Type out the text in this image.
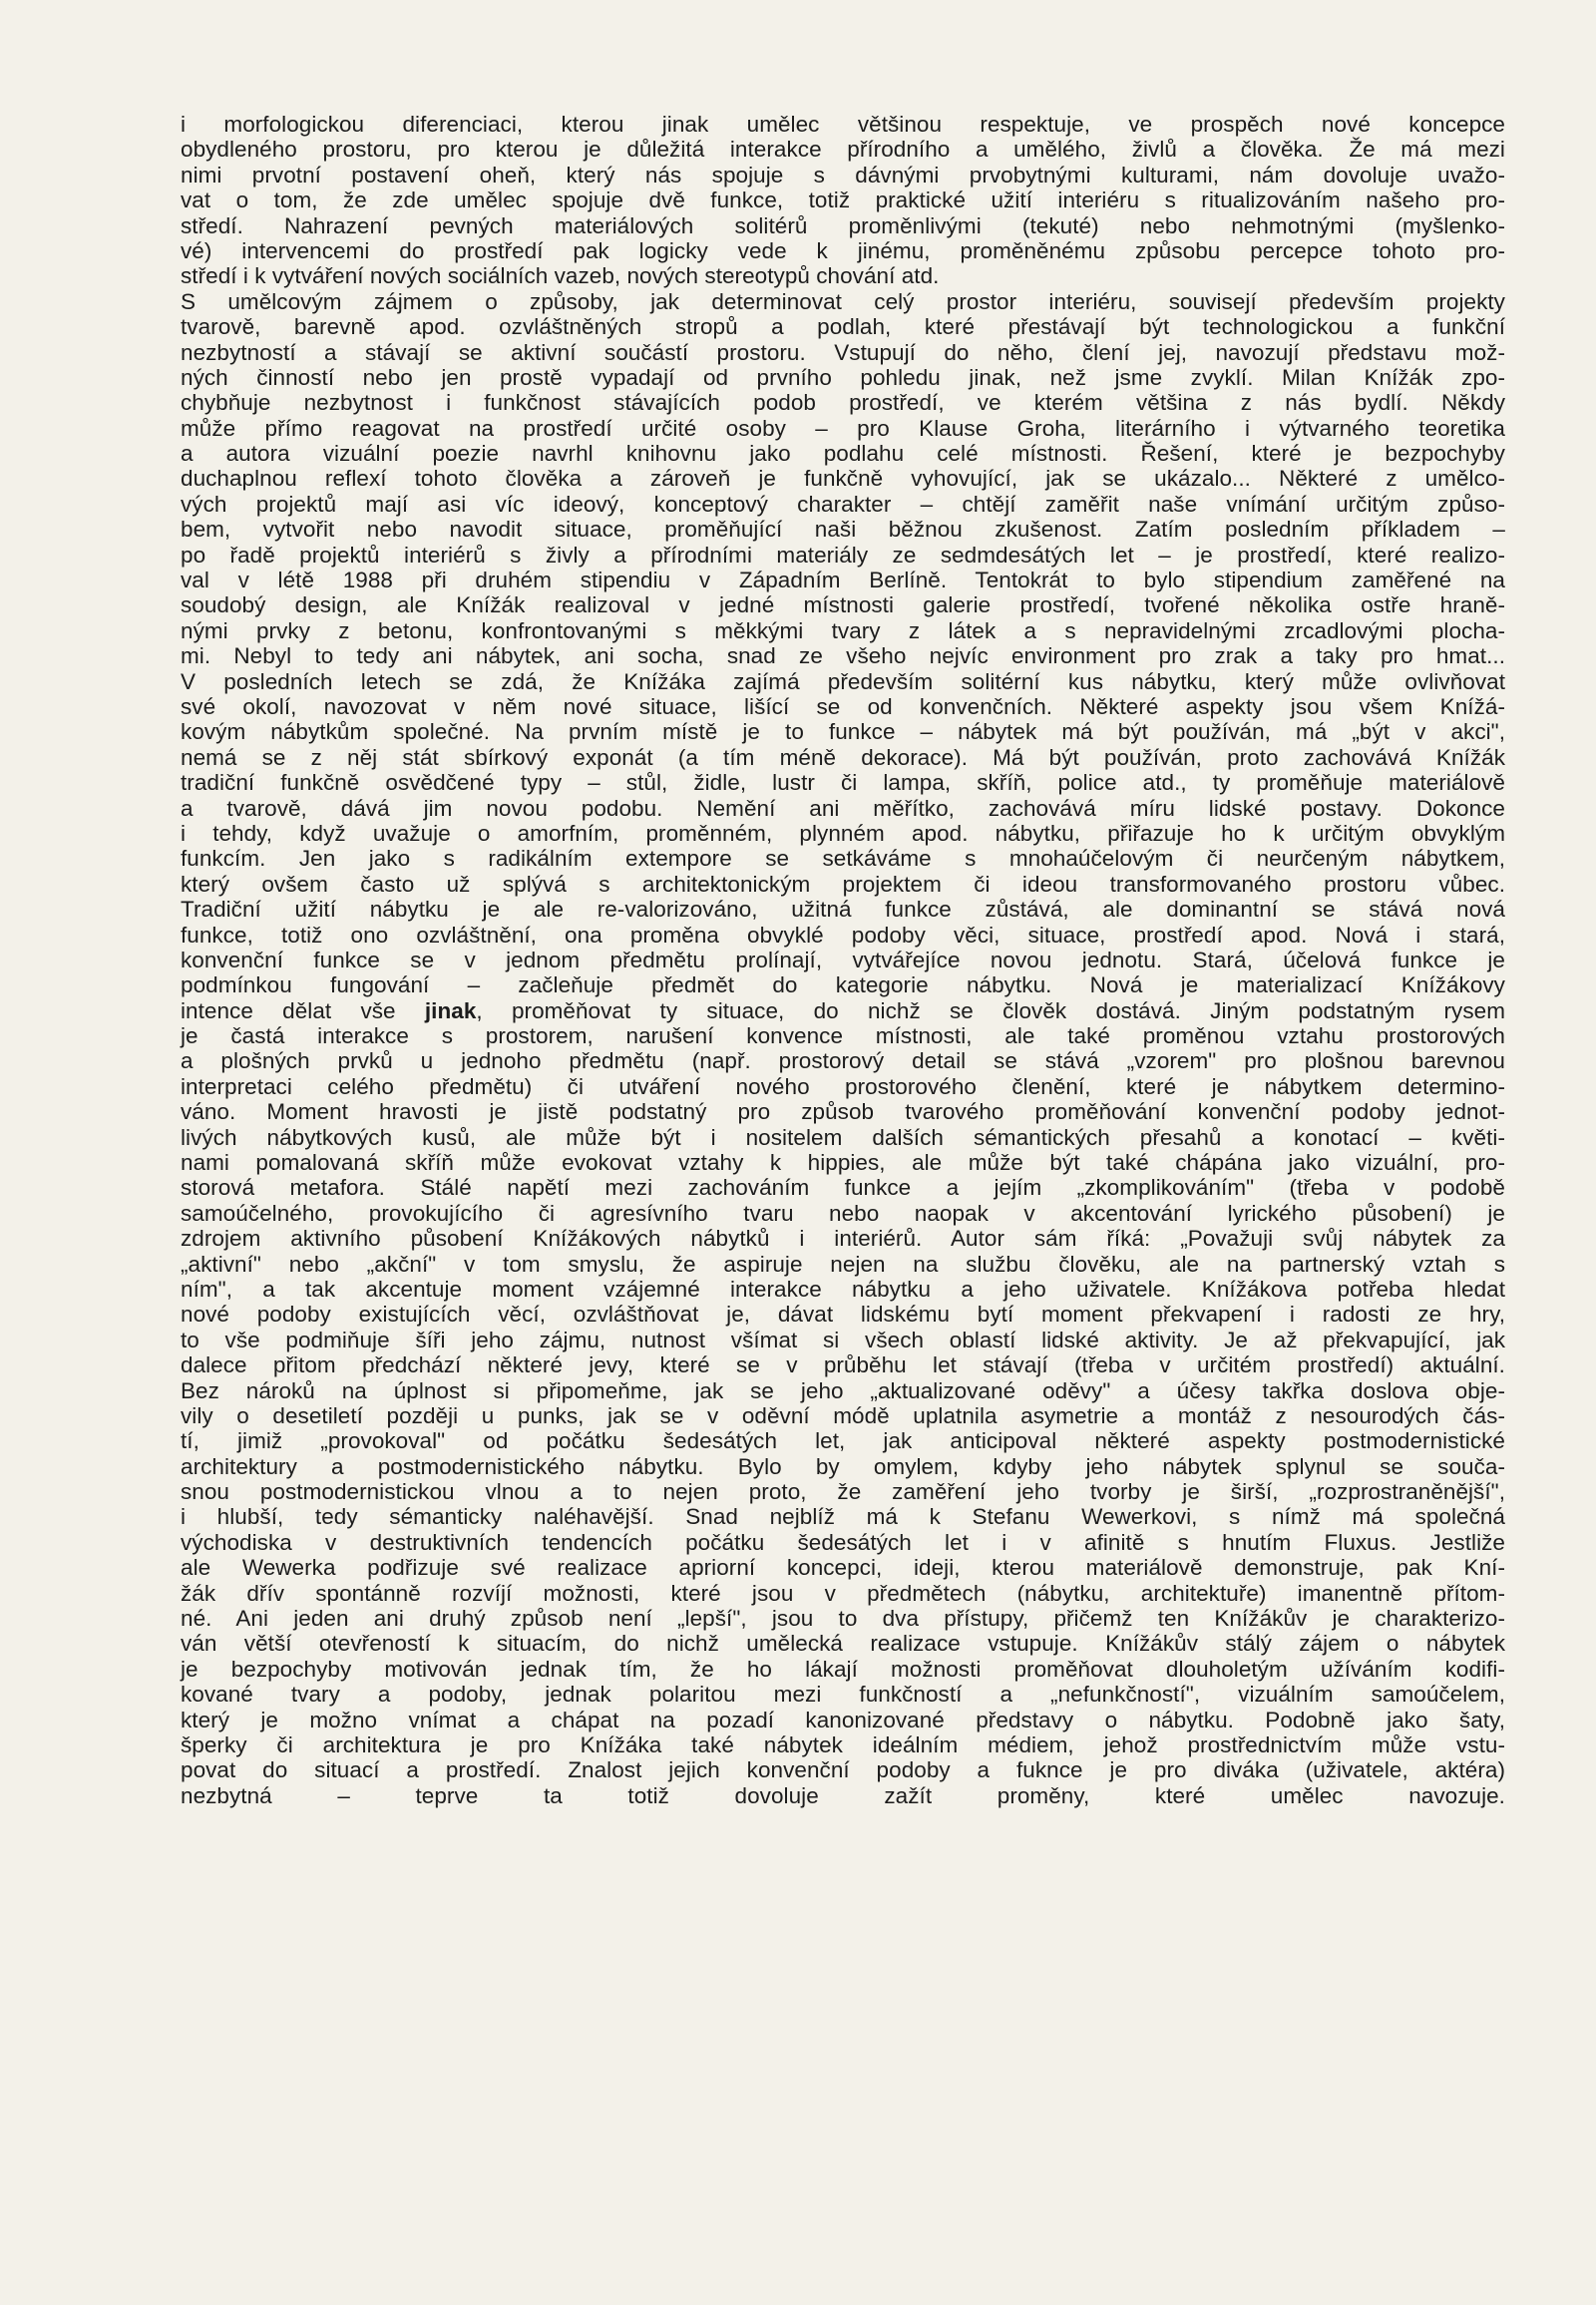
i morfologickou diferenciaci, kterou jinak umělec většinou respektuje, ve prospěch nové koncepce
obydleného prostoru, pro kterou je důležitá interakce přírodního a umělého, živlů a člověka. Že má mezi
nimi prvotní postavení oheň, který nás spojuje s dávnými prvobytnými kulturami, nám dovoluje uvažo-
vat o tom, že zde umělec spojuje dvě funkce, totiž praktické užití interiéru s ritualizováním našeho pro-
středí. Nahrazení pevných materiálových solitérů proměnlivými (tekuté) nebo nehmotnými (myšlenko-
vé) intervencemi do prostředí pak logicky vede k jinému, proměněnému způsobu percepce tohoto pro-
středí i k vytváření nových sociálních vazeb, nových stereotypů chování atd.
S umělcovým zájmem o způsoby, jak determinovat celý prostor interiéru, souvisejí především projekty
tvarově, barevně apod. ozvláštněných stropů a podlah, které přestávají být technologickou a funkční
nezbytností a stávají se aktivní součástí prostoru. Vstupují do něho, člení jej, navozují představu mož-
ných činností nebo jen prostě vypadají od prvního pohledu jinak, než jsme zvyklí. Milan Knížák zpo-
chybňuje nezbytnost i funkčnost stávajících podob prostředí, ve kterém většina z nás bydlí. Někdy
může přímo reagovat na prostředí určité osoby – pro Klause Groha, literárního i výtvarného teoretika
a autora vizuální poezie navrhl knihovnu jako podlahu celé místnosti. Řešení, které je bezpochyby
duchaplnou reflexí tohoto člověka a zároveň je funkčně vyhovující, jak se ukázalo... Některé z umělco-
vých projektů mají asi víc ideový, konceptový charakter – chtějí zaměřit naše vnímání určitým způso-
bem, vytvořit nebo navodit situace, proměňující naši běžnou zkušenost. Zatím posledním příkladem –
po řadě projektů interiérů s živly a přírodními materiály ze sedmdesátých let – je prostředí, které realizo-
val v létě 1988 při druhém stipendiu v Západním Berlíně. Tentokrát to bylo stipendium zaměřené na
soudobý design, ale Knížák realizoval v jedné místnosti galerie prostředí, tvořené několika ostře hraně-
nými prvky z betonu, konfrontovanými s měkkými tvary z látek a s nepravidelnými zrcadlovými plocha-
mi. Nebyl to tedy ani nábytek, ani socha, snad ze všeho nejvíc environment pro zrak a taky pro hmat...
V posledních letech se zdá, že Knížáka zajímá především solitérní kus nábytku, který může ovlivňovat
své okolí, navozovat v něm nové situace, lišící se od konvenčních. Některé aspekty jsou všem Knížá-
kovým nábytkům společné. Na prvním místě je to funkce – nábytek má být používán, má „být v akci",
nemá se z něj stát sbírkový exponát (a tím méně dekorace). Má být používán, proto zachovává Knížák
tradiční funkčně osvědčené typy – stůl, židle, lustr či lampa, skříň, police atd., ty proměňuje materiálově
a tvarově, dává jim novou podobu. Nemění ani měřítko, zachovává míru lidské postavy. Dokonce
i tehdy, když uvažuje o amorfním, proměnném, plynném apod. nábytku, přiřazuje ho k určitým obvyklým
funkcím. Jen jako s radikálním extempore se setkáváme s mnohaúčelovým či neurčeným nábytkem,
který ovšem často už splývá s architektonickým projektem či ideou transformovaného prostoru vůbec.
Tradiční užití nábytku je ale re-valorizováno, užitná funkce zůstává, ale dominantní se stává nová
funkce, totiž ono ozvláštnění, ona proměna obvyklé podoby věci, situace, prostředí apod. Nová i stará,
konvenční funkce se v jednom předmětu prolínají, vytvářejíce novou jednotu. Stará, účelová funkce je
podmínkou fungování – začleňuje předmět do kategorie nábytku. Nová je materializací Knížákovy
intence dělat vše jinak, proměňovat ty situace, do nichž se člověk dostává. Jiným podstatným rysem
je častá interakce s prostorem, narušení konvence místnosti, ale také proměnou vztahu prostorových
a plošných prvků u jednoho předmětu (např. prostorový detail se stává „vzorem" pro plošnou barevnou
interpretaci celého předmětu) či utváření nového prostorového členění, které je nábytkem determino-
váno. Moment hravosti je jistě podstatný pro způsob tvarového proměňování konvenční podoby jednot-
livých nábytkových kusů, ale může být i nositelem dalších sémantických přesahů a konotací – květi-
nami pomalovaná skříň může evokovat vztahy k hippies, ale může být také chápána jako vizuální, pro-
storová metafora. Stálé napětí mezi zachováním funkce a jejím „zkomplikováním" (třeba v podobě
samoúčelného, provokujícího či agresívního tvaru nebo naopak v akcentování lyrického působení) je
zdrojem aktivního působení Knížákových nábytků i interiérů. Autor sám říká: „Považuji svůj nábytek za
„aktivní" nebo „akční" v tom smyslu, že aspiruje nejen na službu člověku, ale na partnerský vztah s
ním", a tak akcentuje moment vzájemné interakce nábytku a jeho uživatele. Knížákova potřeba hledat
nové podoby existujících věcí, ozvláštňovat je, dávat lidskému bytí moment překvapení i radosti ze hry,
to vše podmiňuje šíři jeho zájmu, nutnost všímat si všech oblastí lidské aktivity. Je až překvapující, jak
dalece přitom předchází některé jevy, které se v průběhu let stávají (třeba v určitém prostředí) aktuální.
Bez nároků na úplnost si připomeňme, jak se jeho „aktualizované oděvy" a účesy takřka doslova obje-
vily o desetiletí později u punks, jak se v oděvní módě uplatnila asymetrie a montáž z nesourodých čás-
tí, jimiž „provokoval" od počátku šedesátých let, jak anticipoval některé aspekty postmodernistické
architektury a postmodernistického nábytku. Bylo by omylem, kdyby jeho nábytek splynul se souča-
snou postmodernistickou vlnou a to nejen proto, že zaměření jeho tvorby je širší, „rozprostraněnější",
i hlubší, tedy sémanticky naléhavější. Snad nejblíž má k Stefanu Wewerkovi, s nímž má společná
východiska v destruktivních tendencích počátku šedesátých let i v afinitě s hnutím Fluxus. Jestliže
ale Wewerka podřizuje své realizace apriorní koncepci, ideji, kterou materiálově demonstruje, pak Kní-
žák dřív spontánně rozvíjí možnosti, které jsou v předmětech (nábytku, architektuře) imanentně přítom-
né. Ani jeden ani druhý způsob není „lepší", jsou to dva přístupy, přičemž ten Knížákův je charakterizo-
ván větší otevřeností k situacím, do nichž umělecká realizace vstupuje. Knížákův stálý zájem o nábytek
je bezpochyby motivován jednak tím, že ho lákají možnosti proměňovat dlouholetým užíváním kodifi-
kované tvary a podoby, jednak polaritou mezi funkčností a „nefunkčností", vizuálním samoúčelem,
který je možno vnímat a chápat na pozadí kanonizované představy o nábytku. Podobně jako šaty,
šperky či architektura je pro Knížáka také nábytek ideálním médiem, jehož prostřednictvím může vstu-
povat do situací a prostředí. Znalost jejich konvenční podoby a fuknce je pro diváka (uživatele, aktéra)
nezbytná – teprve ta totiž dovoluje zažít proměny, které umělec navozuje.
